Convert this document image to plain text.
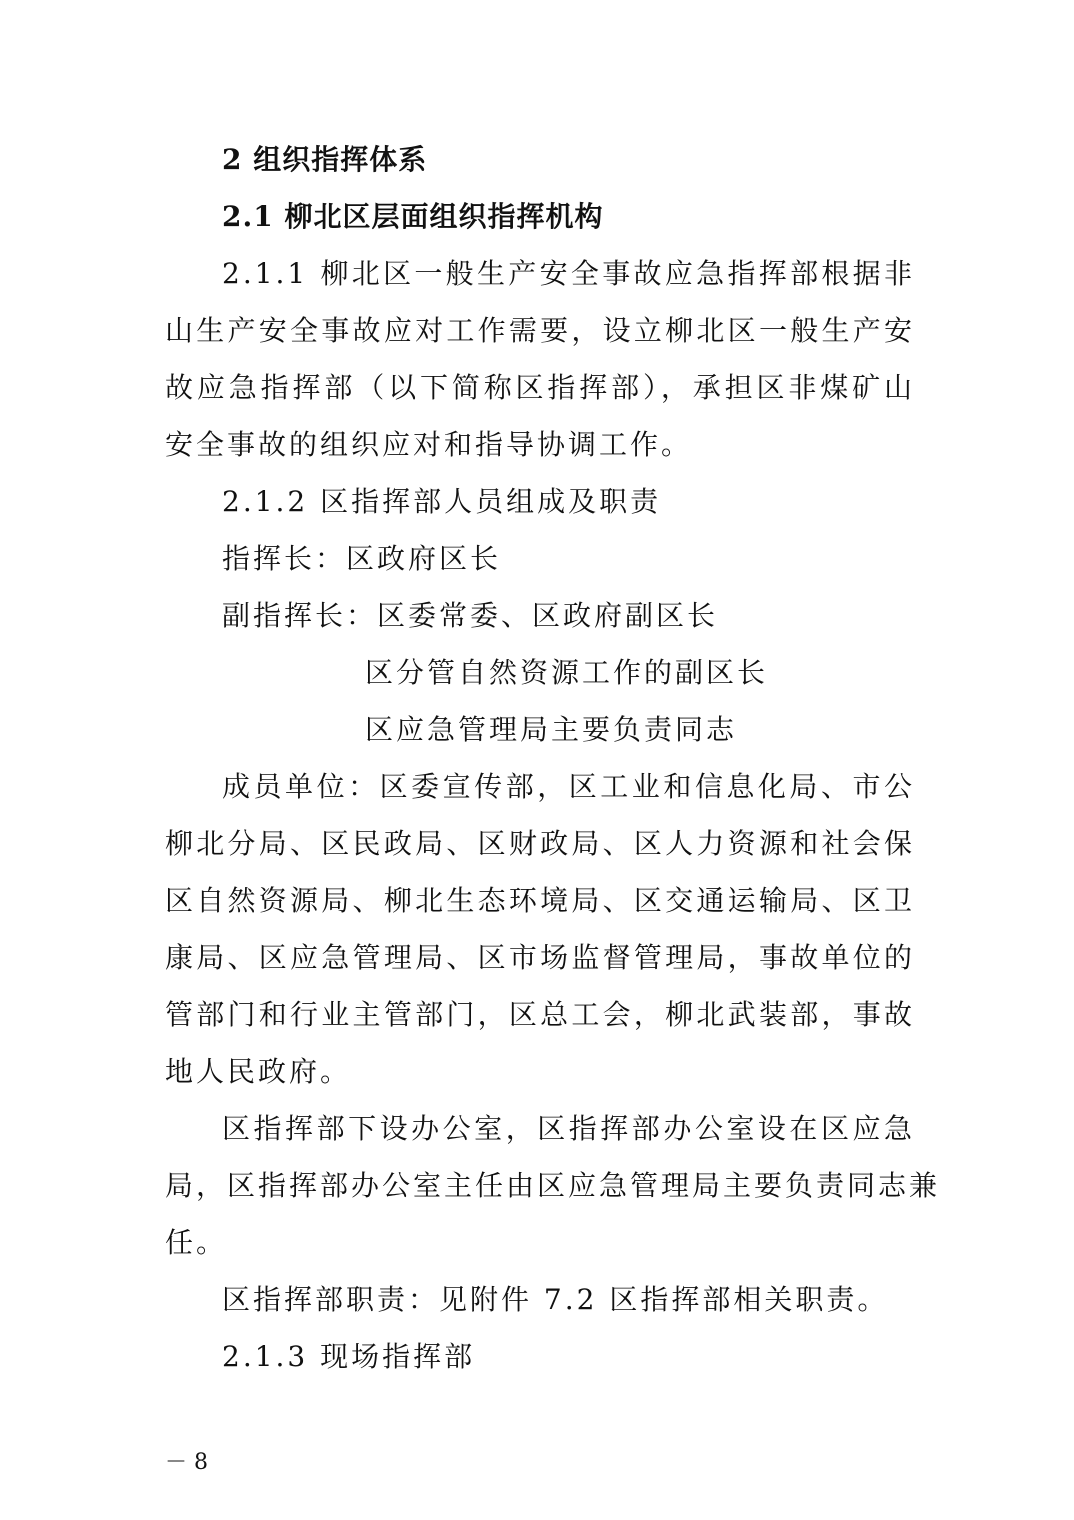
2 组织指挥体系
2.1 柳北区层面组织指挥机构
2.1.1 柳北区一般生产安全事故应急指挥部根据非
山生产安全事故应对工作需要，设立柳北区一般生产安
故应急指挥部（以下简称区指挥部），承担区非煤矿山
安全事故的组织应对和指导协调工作。
2.1.2 区指挥部人员组成及职责
指挥长：区政府区长
副指挥长：区委常委、区政府副区长
区分管自然资源工作的副区长
区应急管理局主要负责同志
成员单位：区委宣传部，区工业和信息化局、市公
柳北分局、区民政局、区财政局、区人力资源和社会保
区自然资源局、柳北生态环境局、区交通运输局、区卫
康局、区应急管理局、区市场监督管理局，事故单位的
管部门和行业主管部门，区总工会，柳北武装部，事故
地人民政府。
区指挥部下设办公室，区指挥部办公室设在区应急
局，区指挥部办公室主任由区应急管理局主要负责同志兼
任。
区指挥部职责：见附件 7.2 区指挥部相关职责。
2.1.3 现场指挥部
－ 8
